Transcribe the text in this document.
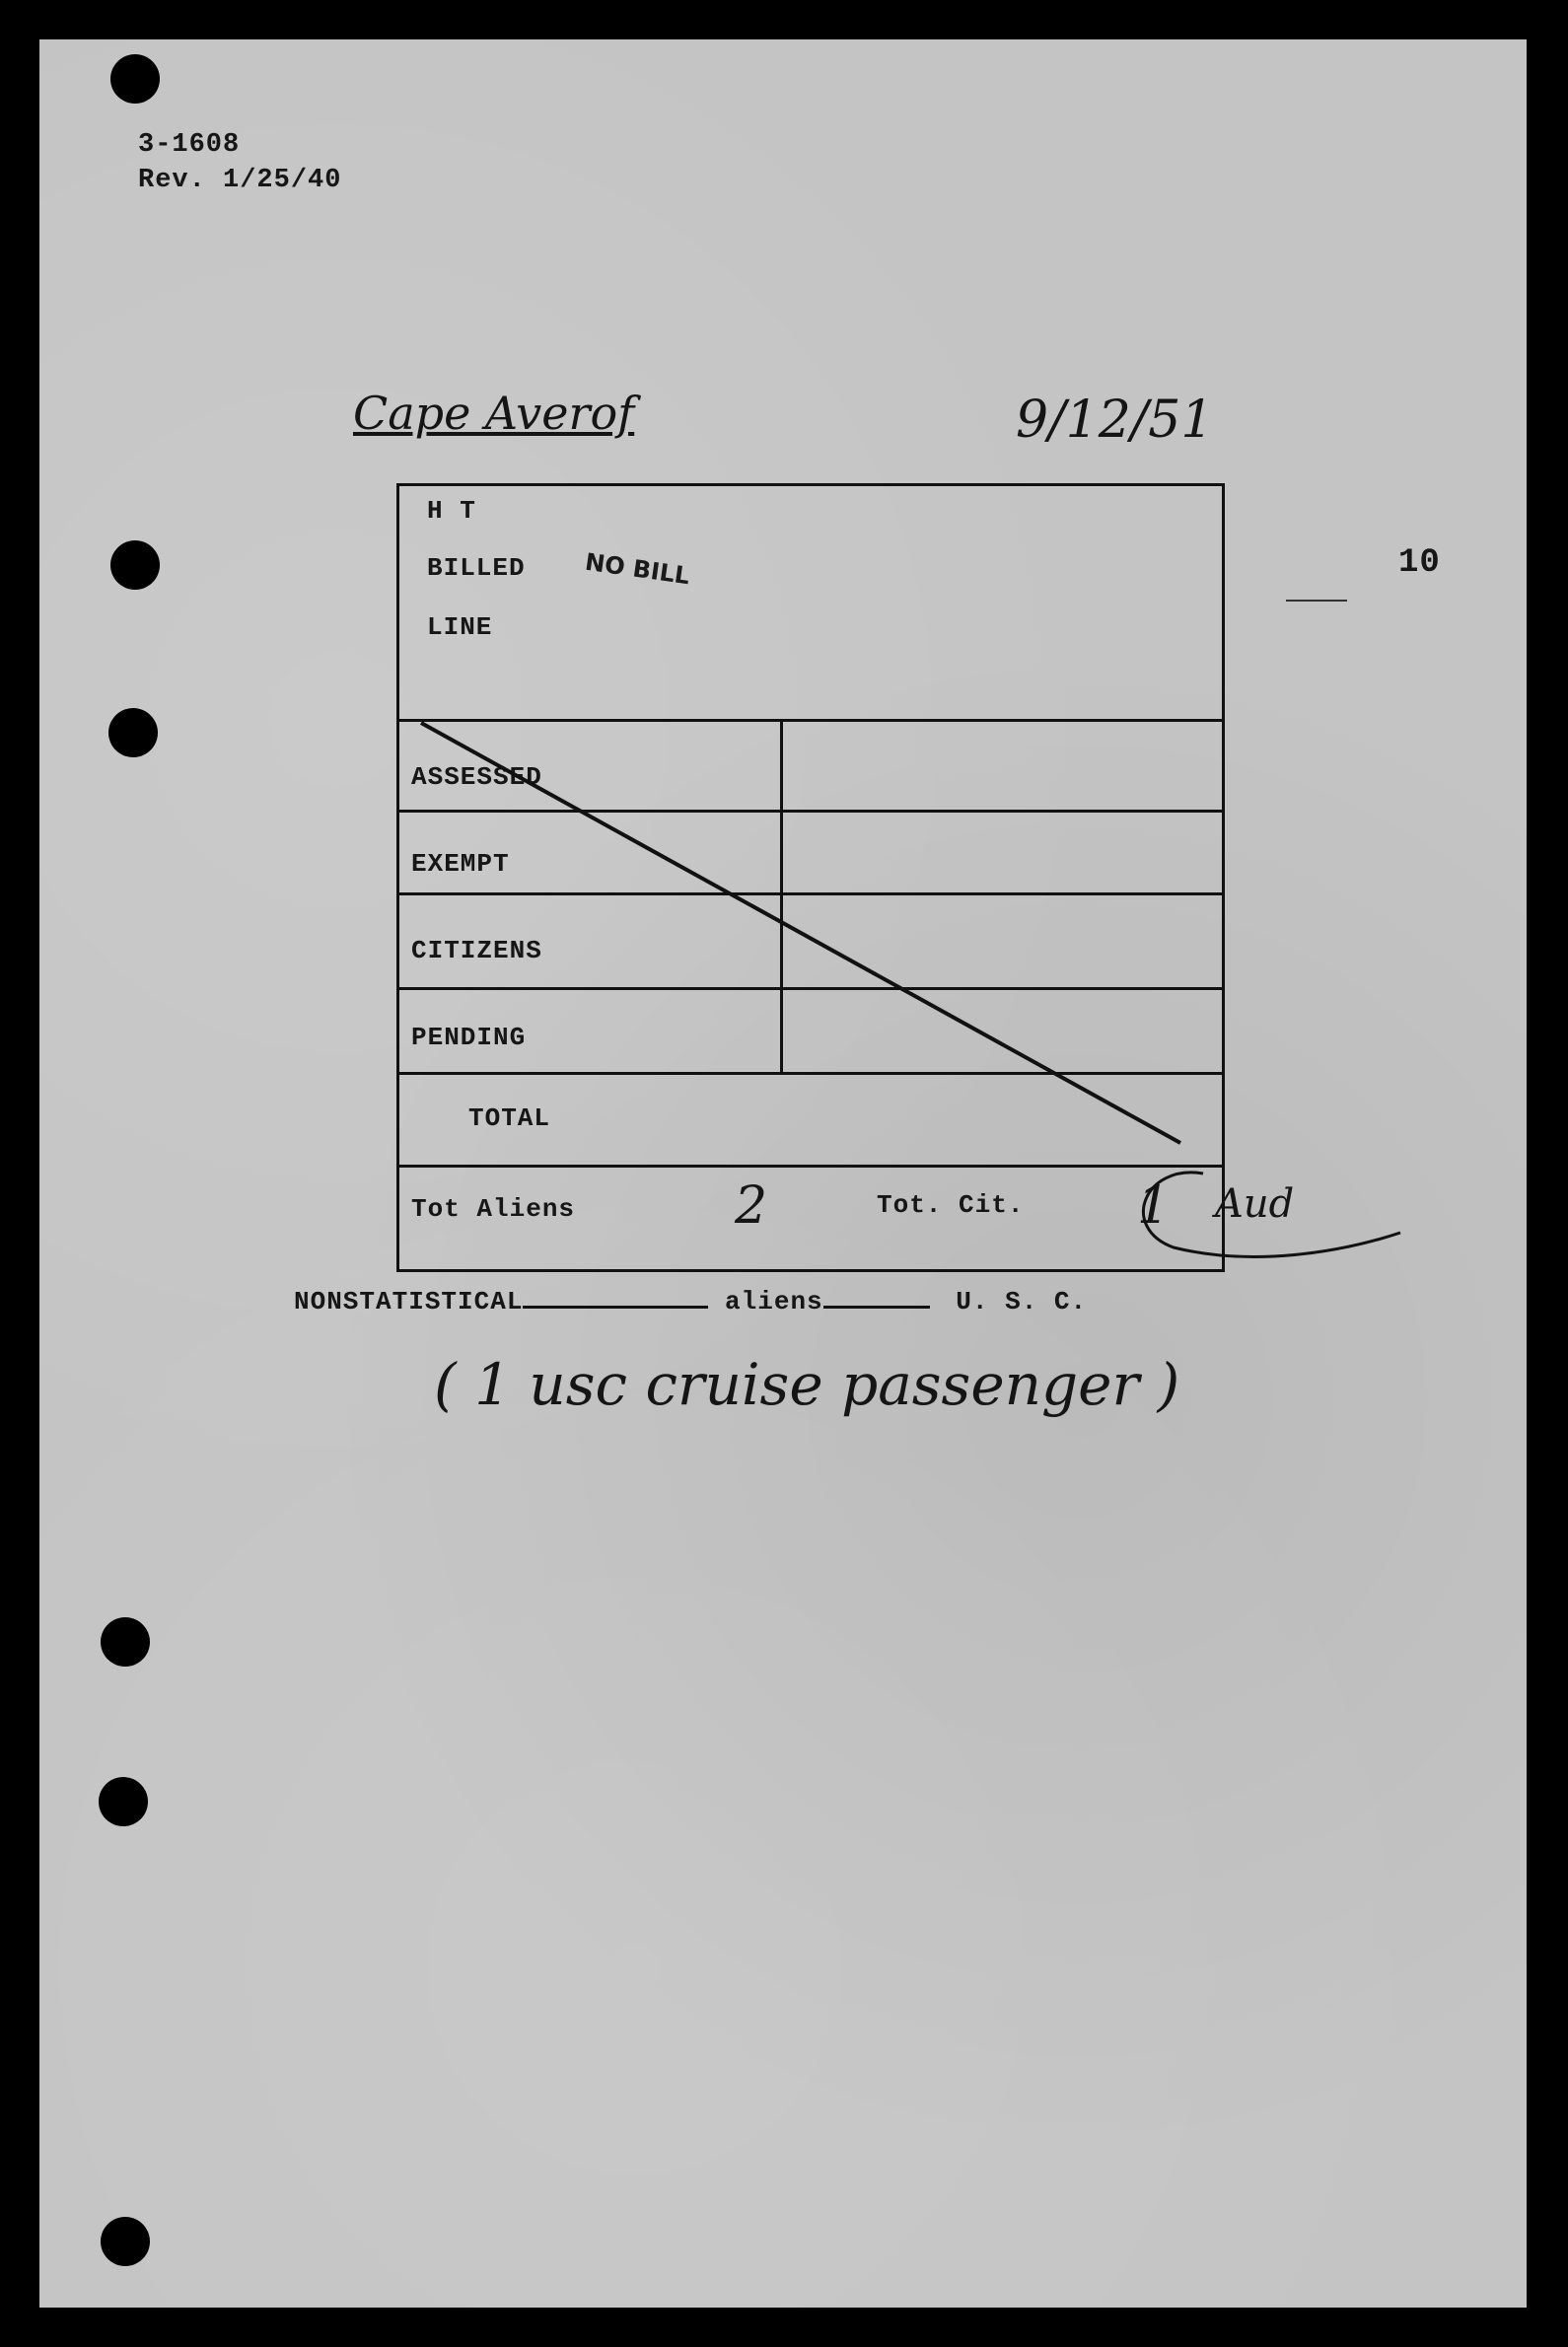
3-1608
Rev. 1/25/40
10
Cape Averof	9/12/51
H T
BILLED
LINE
NO BILL
ASSESSED
EXEMPT
CITIZENS
PENDING
TOTAL
Tot Aliens	2	Tot. Cit. 1 Aud
NONSTATISTICAL	aliens	U. S. C.
( 1 usc cruise passenger )
